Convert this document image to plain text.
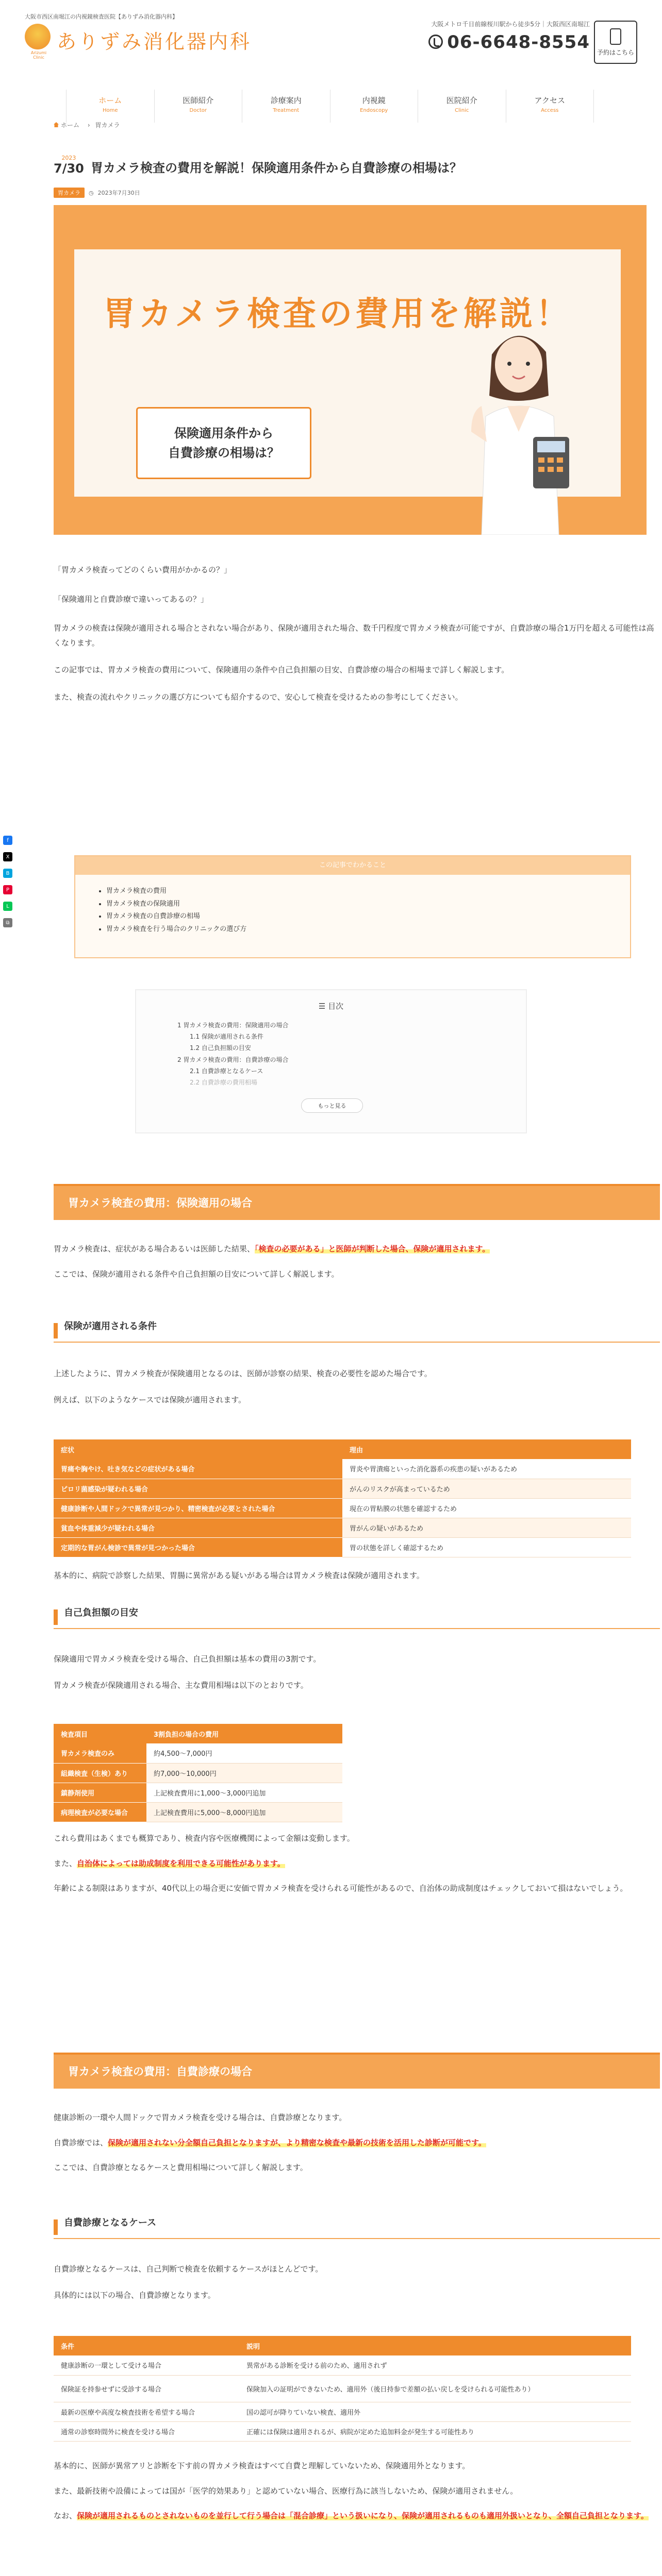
大阪市西区南堀江の内視鏡検査医院【ありずみ消化器内科】
Arizumi Clinic
ありずみ消化器内科
大阪メトロ千日前線桜川駅から徒歩5分｜大阪西区南堀江
06-6648-8554 予約はこちら
ホーム
Home
医師紹介
Doctor
診療案内
Treatment
内視鏡
Endoscopy
医院紹介
Clinic
アクセス
Access
ホーム › 胃カメラ
2023
7/30 胃カメラ検査の費用を解説！保険適用条件から自費診療の相場は？
胃カメラ	◷ 2023年7月30日
胃カメラ検査の費用を解説！
保険適用条件から
自費診療の相場は？
f
X
B
P
L
⧉

「胃カメラ検査ってどのくらい費用がかかるの？」

「保険適用と自費診療で違いってあるの？」

胃カメラの検査は保険が適用される場合とされない場合があり、保険が適用された場合、数千円程度で胃カメラ検査が可能ですが、自費診療の場合1万円を超える可能性は高くなります。

この記事では、胃カメラ検査の費用について、保険適用の条件や自己負担額の目安、自費診療の場合の相場まで詳しく解説します。

また、検査の流れやクリニックの選び方についても紹介するので、安心して検査を受けるための参考にしてください。

この記事でわかること
• 胃カメラ検査の費用
• 胃カメラ検査の保険適用
• 胃カメラ検査の自費診療の相場
• 胃カメラ検査を行う場合のクリニックの選び方
☰ 目次
1 胃カメラ検査の費用：保険適用の場合
1.1 保険が適用される条件
1.2 自己負担額の目安
2 胃カメラ検査の費用：自費診療の場合
2.1 自費診療となるケース
2.2 自費診療の費用相場
もっと見る
胃カメラ検査の費用：保険適用の場合

胃カメラ検査は、症状がある場合あるいは医師した結果、「検査の必要がある」と医師が判断した場合、保険が適用されます。

ここでは、保険が適用される条件や自己負担額の目安について詳しく解説します。

保険が適用される条件

上述したように、胃カメラ検査が保険適用となるのは、医師が診察の結果、検査の必要性を認めた場合です。

例えば、以下のようなケースでは保険が適用されます。

症状	理由
胃痛や胸やけ、吐き気などの症状がある場合	胃炎や胃潰瘍といった消化器系の疾患の疑いがあるため
ピロリ菌感染が疑われる場合	がんのリスクが高まっているため
健康診断や人間ドックで異常が見つかり、精密検査が必要とされた場合	現在の胃粘膜の状態を確認するため
貧血や体重減少が疑われる場合	胃がんの疑いがあるため
定期的な胃がん検診で異常が見つかった場合	胃の状態を詳しく確認するため

基本的に、病院で診察した結果、胃腸に異常がある疑いがある場合は胃カメラ検査は保険が適用されます。

自己負担額の目安

保険適用で胃カメラ検査を受ける場合、自己負担額は基本の費用の3割です。

胃カメラ検査が保険適用される場合、主な費用相場は以下のとおりです。

検査項目	3割負担の場合の費用
胃カメラ検査のみ	約4,500〜7,000円
組織検査（生検）あり	約7,000〜10,000円
鎮静剤使用	上記検査費用に1,000〜3,000円追加
病理検査が必要な場合	上記検査費用に5,000〜8,000円追加

これら費用はあくまでも概算であり、検査内容や医療機関によって金額は変動します。

また、自治体によっては助成制度を利用できる可能性があります。

年齢による制限はありますが、40代以上の場合更に安価で胃カメラ検査を受けられる可能性があるので、自治体の助成制度はチェックしておいて損はないでしょう。

胃カメラ検査の費用：自費診療の場合

健康診断の一環や人間ドックで胃カメラ検査を受ける場合は、自費診療となります。

自費診療では、保険が適用されない分全額自己負担となりますが、より精密な検査や最新の技術を活用した診断が可能です。

ここでは、自費診療となるケースと費用相場について詳しく解説します。

自費診療となるケース

自費診療となるケースは、自己判断で検査を依頼するケースがほとんどです。

具体的には以下の場合、自費診療となります。

条件	説明
健康診断の一環として受ける場合	異常がある診断を受ける前のため、適用されず
保険証を持参せずに受診する場合	保険加入の証明ができないため、適用外（後日持参で差額の払い戻しを受けられる可能性あり）
最新の医療や高度な検査技術を希望する場合	国の認可が降りていない検査、適用外
通常の診察時間外に検査を受ける場合	正確には保険は適用されるが、病院が定めた追加料金が発生する可能性あり

基本的に、医師が異常アリと診断を下す前の胃カメラ検査はすべて自費と理解していないため、保険適用外となります。

また、最新技術や設備によっては国が「医学的効果あり」と認めていない場合、医療行為に該当しないため、保険が適用されません。

なお、保険が適用されるものとされないものを並行して行う場合は「混合診療」という扱いになり、保険が適用されるものも適用外扱いとなり、全額自己負担となります。
